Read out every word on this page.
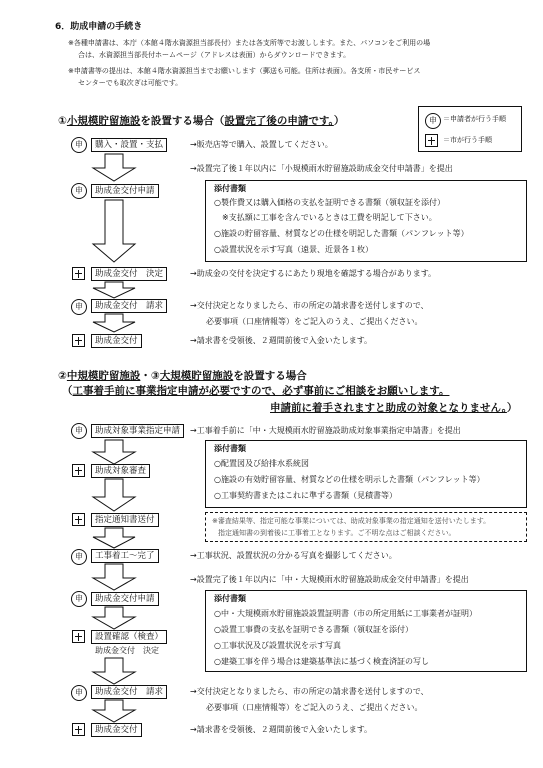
6．助成申請の手続き
※各種申請書は、本庁（本館４階水資源担当部長付）または各支所等でお渡しします。また、パソコンをご利用の場
合は、水資源担当部長付ホームページ（アドレスは表面）からダウンロードできます。
※申請書等の提出は、本館４階水資源担当までお願いします（郵送も可能。住所は表面）。各支所・市民サービス
センターでも取次ぎは可能です。
申 ＝申請者が行う手順
＝市が行う手順
①小規模貯留施設を設置する場合（設置完了後の申請です。）
申	購入・設置・支払	→販売店等で購入、設置してください。
申	助成金交付申請
→設置完了後１年以内に「小規模雨水貯留施設助成金交付申請書」を提出
添付書類
○製作費又は購入価格の支払を証明できる書類（領収証を添付）
※支払額に工事を含んでいるときは工費を明記して下さい。
○施設の貯留容量、材質などの仕様を明記した書類（パンフレット等）
○設置状況を示す写真（遠景、近景各１枚）
助成金交付　決定	→助成金の交付を決定するにあたり現地を確認する場合があります。
申	助成金交付　請求	→交付決定となりましたら、市の所定の請求書を送付しますので、
必要事項（口座情報等）をご記入のうえ、ご提出ください。
助成金交付	→請求書を受領後、２週間前後で入金いたします。
②中規模貯留施設・③大規模貯留施設を設置する場合
（工事着手前に事業指定申請が必要ですので、必ず事前にご相談をお願いします。
申請前に着手されますと助成の対象となりません。）
申	助成対象事業指定申請	→工事着手前に「中・大規模雨水貯留施設助成対象事業指定申請書」を提出
添付書類
○配置図及び給排水系統図
○施設の有効貯留容量、材質などの仕様を明示した書類（パンフレット等）
○工事契約書またはこれに準ずる書類（見積書等）
助成対象審査
指定通知書送付	※審査結果等、指定可能な事業については、助成対象事業の指定通知を送付いたします。
指定通知書の到着後に工事着工となります。ご不明な点はご相談ください。
申	工事着工～完了	→工事状況、設置状況の分かる写真を撮影してください。
申	助成金交付申請
→設置完了後１年以内に「中・大規模雨水貯留施設助成金交付申請書」を提出
添付書類
○中・大規模雨水貯留施設設置証明書（市の所定用紙に工事業者が証明）
○設置工事費の支払を証明できる書類（領収証を添付）
○工事状況及び設置状況を示す写真
○建築工事を伴う場合は建築基準法に基づく検査済証の写し
設置確認（検査）
助成金交付　決定
申	助成金交付　請求	→交付決定となりましたら、市の所定の請求書を送付しますので、
必要事項（口座情報等）をご記入のうえ、ご提出ください。
助成金交付	→請求書を受領後、２週間前後で入金いたします。
